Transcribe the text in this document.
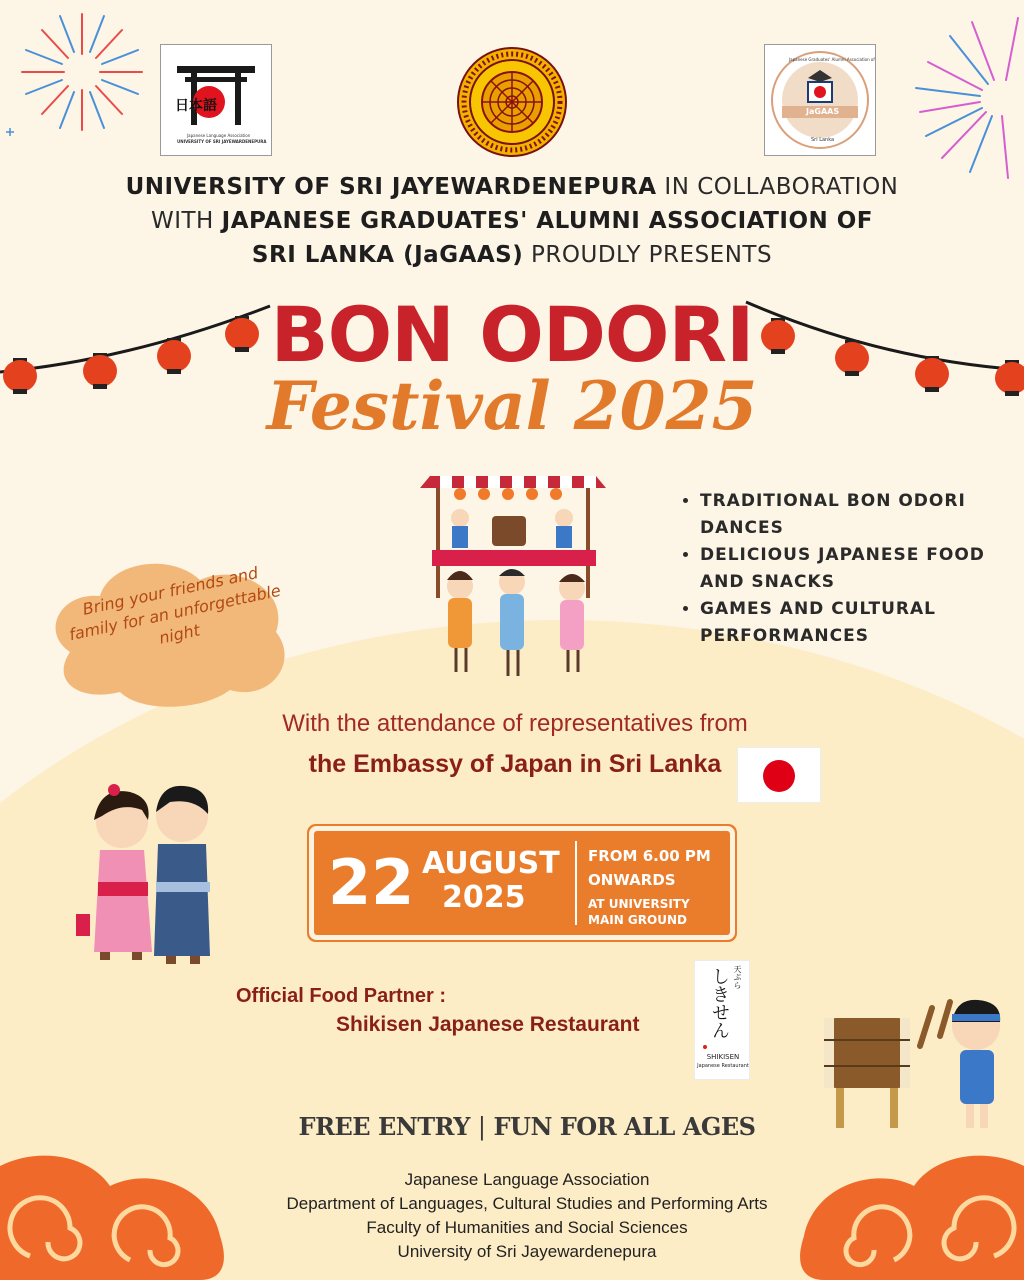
日本語
Japanese Language Association
UNIVERSITY OF SRI JAYEWARDENEPURA
JaGAAS
Sri Lanka
Japanese Graduates' Alumni Association of
UNIVERSITY OF SRI JAYEWARDENEPURA IN COLLABORATION
WITH JAPANESE GRADUATES' ALUMNI ASSOCIATION OF
SRI LANKA (JaGAAS) PROUDLY PRESENTS
BON ODORI
Festival 2025
• TRADITIONAL BON ODORI DANCES
• DELICIOUS JAPANESE FOOD AND SNACKS
• GAMES AND CULTURAL PERFORMANCES
Bring your friends and family for an unforgettable night
With the attendance of representatives from
the Embassy of Japan in Sri Lanka
22 AUGUST
2025
FROM 6.00 PM
ONWARDS
AT UNIVERSITY
MAIN GROUND
Official Food Partner :
Shikisen Japanese Restaurant
天ぷら
しきせん
SHIKISEN
Japanese Restaurant
FREE ENTRY | FUN FOR ALL AGES
Japanese Language Association
Department of Languages, Cultural Studies and Performing Arts
Faculty of Humanities and Social Sciences
University of Sri Jayewardenepura
